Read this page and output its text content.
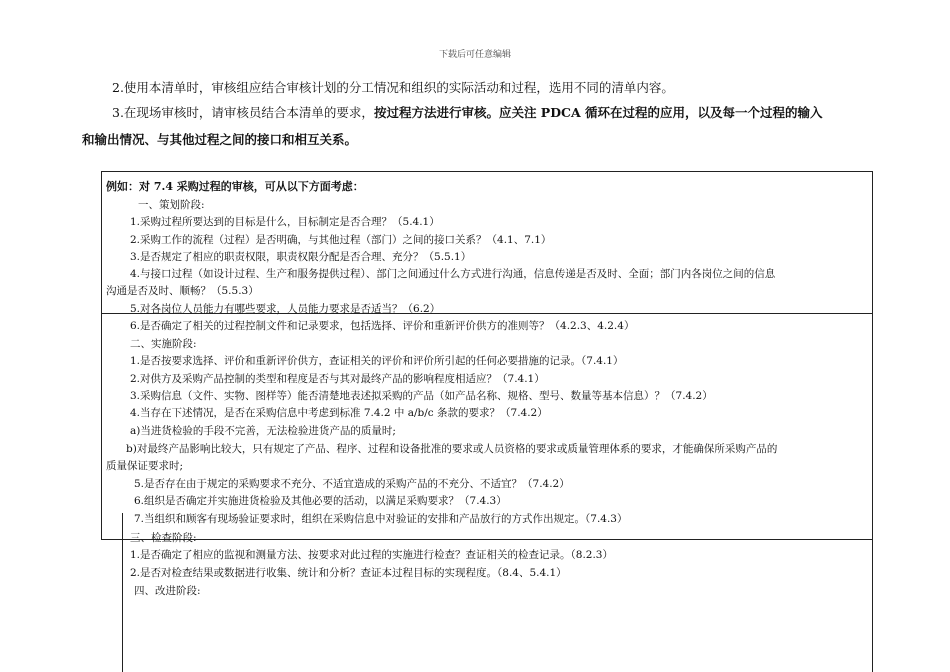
下载后可任意编辑
2.使用本清单时，审核组应结合审核计划的分工情况和组织的实际活动和过程，选用不同的清单内容。
3.在现场审核时，请审核员结合本清单的要求，按过程方法进行审核。应关注 PDCA 循环在过程的应用，以及每一个过程的输入
和输出情况、与其他过程之间的接口和相互关系。
例如：对 7.4 采购过程的审核，可从以下方面考虑：
一、策划阶段:
1.采购过程所要达到的目标是什么，目标制定是否合理？（5.4.1）
2.采购工作的流程（过程）是否明确，与其他过程（部门）之间的接口关系？（4.1、7.1）
3.是否规定了相应的职责权限，职责权限分配是否合理、充分？（5.5.1）
4.与接口过程（如设计过程、生产和服务提供过程）、部门之间通过什么方式进行沟通，信息传递是否及时、全面；部门内各岗位之间的信息
沟通是否及时、顺畅？（5.5.3）
5.对各岗位人员能力有哪些要求，人员能力要求是否适当？（6.2）
6.是否确定了相关的过程控制文件和记录要求，包括选择、评价和重新评价供方的准则等？（4.2.3、4.2.4）
二、实施阶段:
1.是否按要求选择、评价和重新评价供方，查证相关的评价和评价所引起的任何必要措施的记录。（7.4.1）
2.对供方及采购产品控制的类型和程度是否与其对最终产品的影响程度相适应？（7.4.1）
3.采购信息（文件、实物、图样等）能否清楚地表述拟采购的产品（如产品名称、规格、型号、数量等基本信息）？（7.4.2）
4.当存在下述情况，是否在采购信息中考虑到标准 7.4.2 中 a/b/c 条款的要求？（7.4.2）
a)当进货检验的手段不完善，无法检验进货产品的质量时;
b)对最终产品影响比较大，只有规定了产品、程序、过程和设备批准的要求或人员资格的要求或质量管理体系的要求，才能确保所采购产品的
质量保证要求时;
5.是否存在由于规定的采购要求不充分、不适宜造成的采购产品的不充分、不适宜？（7.4.2）
6.组织是否确定并实施进货检验及其他必要的活动，以满足采购要求？（7.4.3）
7.当组织和顾客有现场验证要求时，组织在采购信息中对验证的安排和产品放行的方式作出规定。（7.4.3）
三、检查阶段:
1.是否确定了相应的监视和测量方法、按要求对此过程的实施进行检查？查证相关的检查记录。（8.2.3）
2.是否对检查结果或数据进行收集、统计和分析？查证本过程目标的实现程度。（8.4、5.4.1）
四、改进阶段:
